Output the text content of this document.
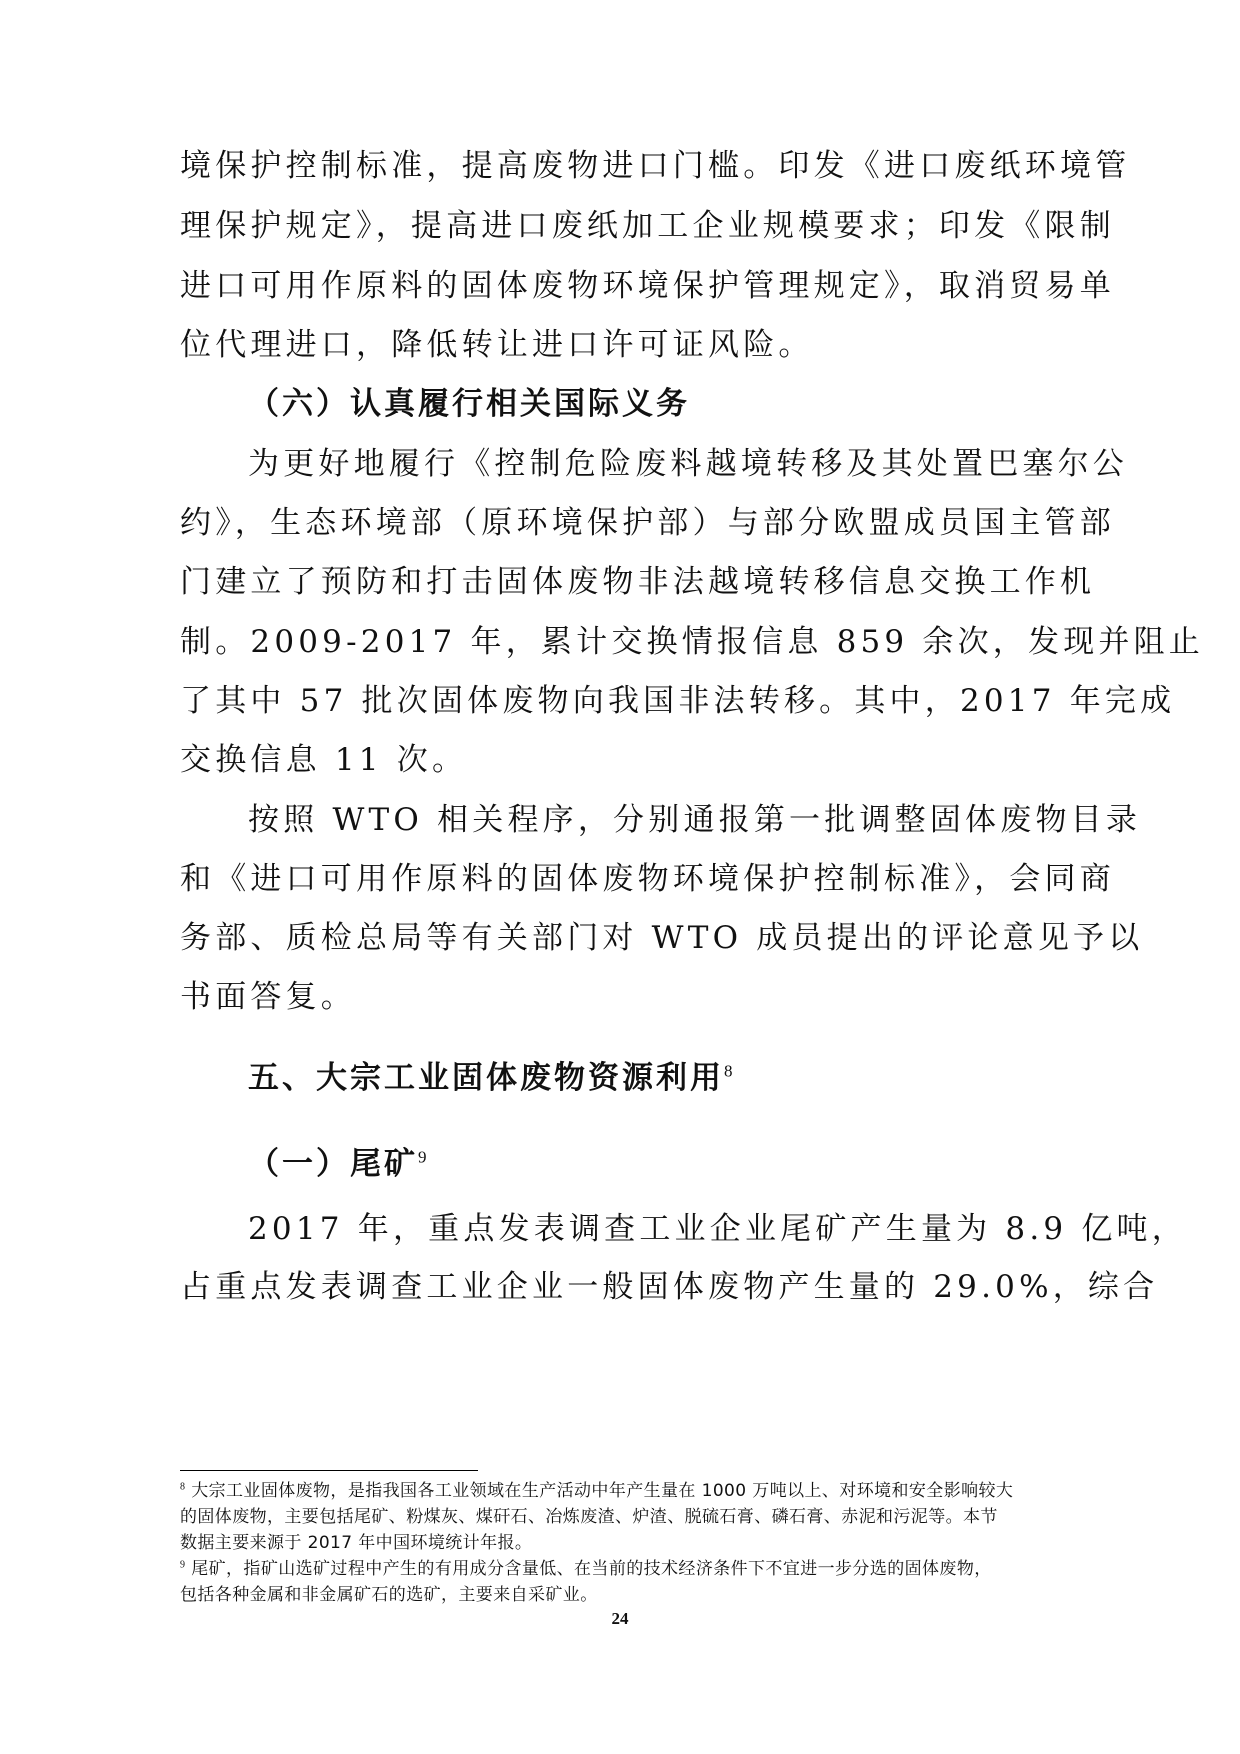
境保护控制标准，提高废物进口门槛。印发《进口废纸环境管
理保护规定》，提高进口废纸加工企业规模要求；印发《限制
进口可用作原料的固体废物环境保护管理规定》，取消贸易单
位代理进口，降低转让进口许可证风险。
（六）认真履行相关国际义务
为更好地履行《控制危险废料越境转移及其处置巴塞尔公
约》，生态环境部（原环境保护部）与部分欧盟成员国主管部
门建立了预防和打击固体废物非法越境转移信息交换工作机
制。2009-2017 年，累计交换情报信息 859 余次，发现并阻止
了其中 57 批次固体废物向我国非法转移。其中，2017 年完成
交换信息 11 次。
按照 WTO 相关程序，分别通报第一批调整固体废物目录
和《进口可用作原料的固体废物环境保护控制标准》，会同商
务部、质检总局等有关部门对 WTO 成员提出的评论意见予以
书面答复。
五、大宗工业固体废物资源利用$^8$
（一）尾矿$^9$
2017 年，重点发表调查工业企业尾矿产生量为 8.9 亿吨，
占重点发表调查工业企业一般固体废物产生量的 29.0%，综合
$^8$ 大宗工业固体废物，是指我国各工业领域在生产活动中年产生量在 1000 万吨以上、对环境和安全影响较大
的固体废物，主要包括尾矿、粉煤灰、煤矸石、冶炼废渣、炉渣、脱硫石膏、磷石膏、赤泥和污泥等。本节
数据主要来源于 2017 年中国环境统计年报。
$^9$ 尾矿，指矿山选矿过程中产生的有用成分含量低、在当前的技术经济条件下不宜进一步分选的固体废物，
包括各种金属和非金属矿石的选矿，主要来自采矿业。
24
